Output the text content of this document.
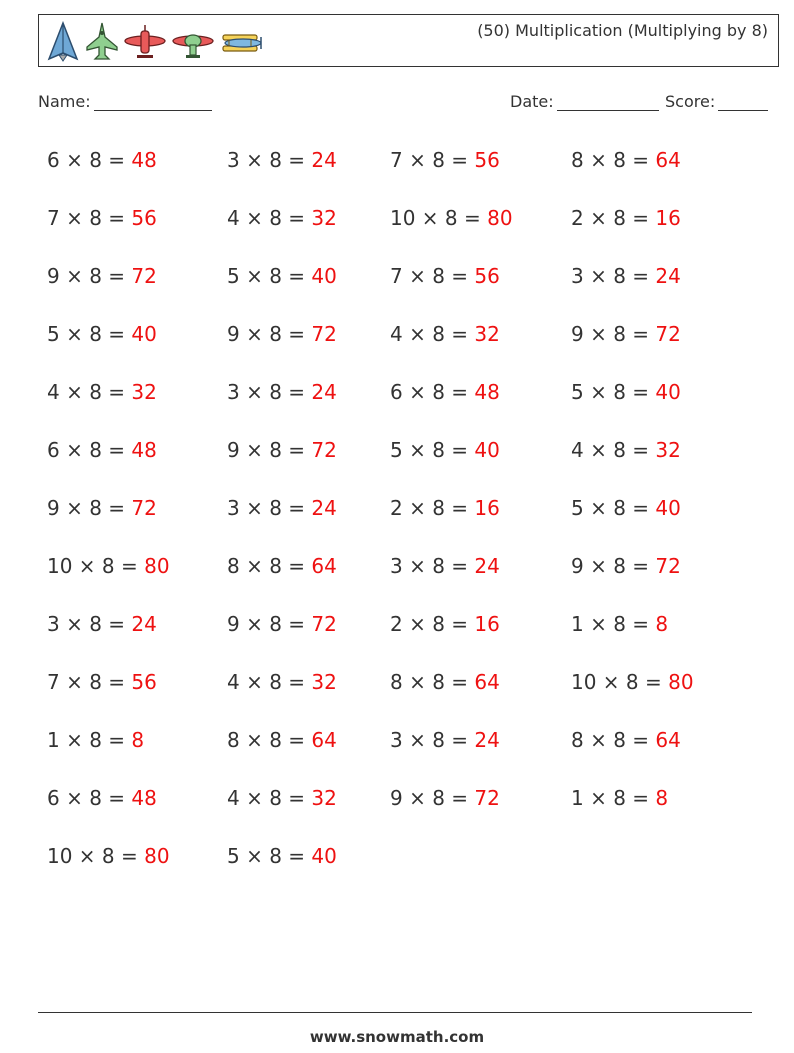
(50) Multiplication (Multiplying by 8)
Name:	Date:	Score:
6 × 8 = 48	3 × 8 = 24	7 × 8 = 56	8 × 8 = 64
7 × 8 = 56	4 × 8 = 32	10 × 8 = 80	2 × 8 = 16
9 × 8 = 72	5 × 8 = 40	7 × 8 = 56	3 × 8 = 24
5 × 8 = 40	9 × 8 = 72	4 × 8 = 32	9 × 8 = 72
4 × 8 = 32	3 × 8 = 24	6 × 8 = 48	5 × 8 = 40
6 × 8 = 48	9 × 8 = 72	5 × 8 = 40	4 × 8 = 32
9 × 8 = 72	3 × 8 = 24	2 × 8 = 16	5 × 8 = 40
10 × 8 = 80	8 × 8 = 64	3 × 8 = 24	9 × 8 = 72
3 × 8 = 24	9 × 8 = 72	2 × 8 = 16	1 × 8 = 8
7 × 8 = 56	4 × 8 = 32	8 × 8 = 64	10 × 8 = 80
1 × 8 = 8	8 × 8 = 64	3 × 8 = 24	8 × 8 = 64
6 × 8 = 48	4 × 8 = 32	9 × 8 = 72	1 × 8 = 8
10 × 8 = 80	5 × 8 = 40
www.snowmath.com
